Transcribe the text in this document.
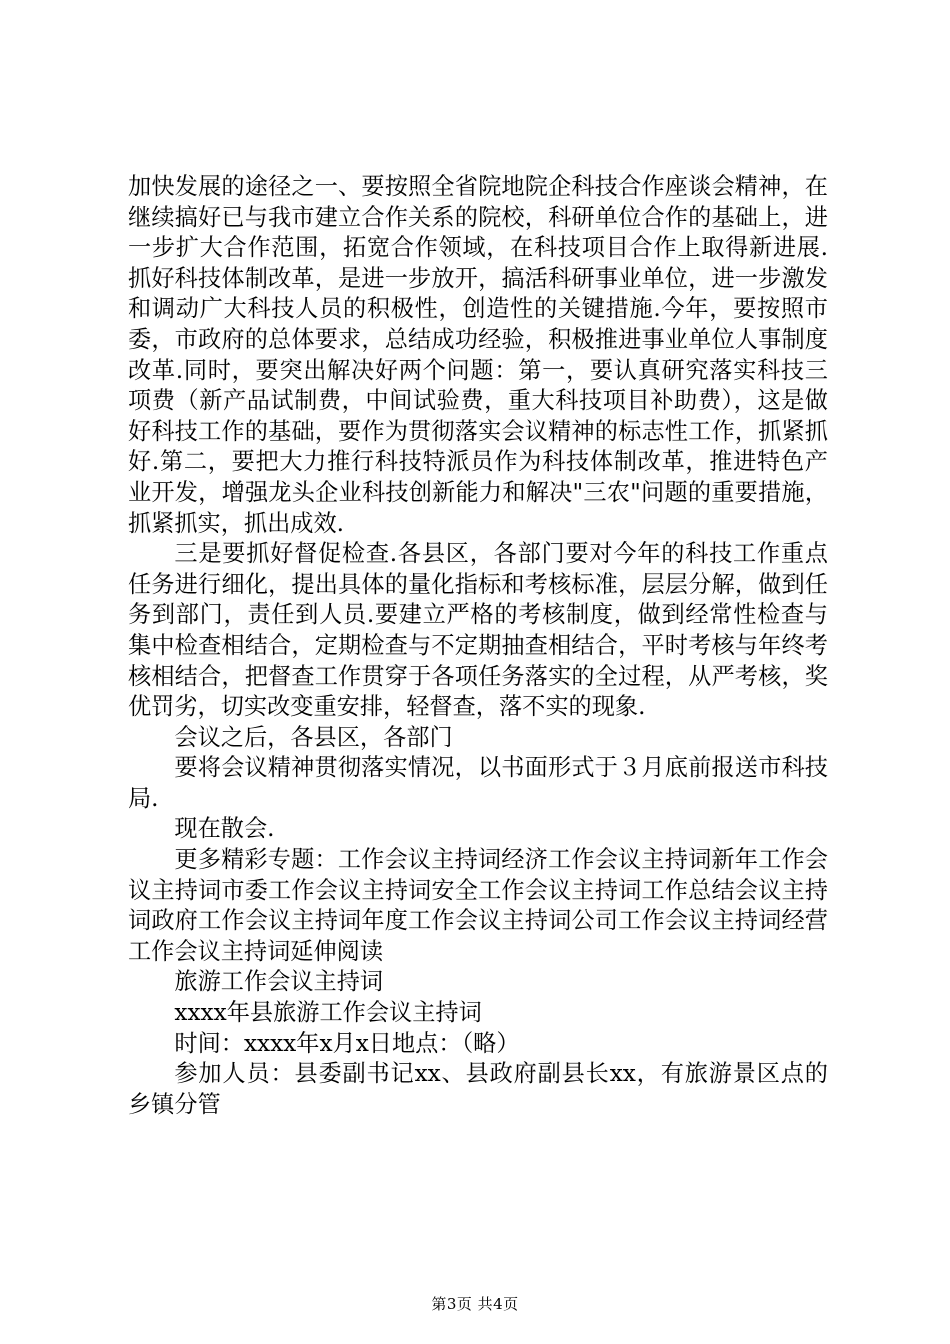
加快发展的途径之一、要按照全省院地院企科技合作座谈会精神，在继续搞好已与我市建立合作关系的院校，科研单位合作的基础上，进一步扩大合作范围，拓宽合作领域，在科技项目合作上取得新进展.抓好科技体制改革，是进一步放开，搞活科研事业单位，进一步激发和调动广大科技人员的积极性，创造性的关键措施.今年，要按照市委，市政府的总体要求，总结成功经验，积极推进事业单位人事制度改革.同时，要突出解决好两个问题：第一，要认真研究落实科技三项费（新产品试制费，中间试验费，重大科技项目补助费），这是做好科技工作的基础，要作为贯彻落实会议精神的标志性工作，抓紧抓好.第二，要把大力推行科技特派员作为科技体制改革，推进特色产业开发，增强龙头企业科技创新能力和解决"三农"问题的重要措施，抓紧抓实，抓出成效.

三是要抓好督促检查.各县区，各部门要对今年的科技工作重点任务进行细化，提出具体的量化指标和考核标准，层层分解，做到任务到部门，责任到人员.要建立严格的考核制度，做到经常性检查与集中检查相结合，定期检查与不定期抽查相结合，平时考核与年终考核相结合，把督查工作贯穿于各项任务落实的全过程，从严考核，奖优罚劣，切实改变重安排，轻督查，落不实的现象.

会议之后，各县区，各部门

要将会议精神贯彻落实情况，以书面形式于３月底前报送市科技局.

现在散会.

更多精彩专题：工作会议主持词经济工作会议主持词新年工作会议主持词市委工作会议主持词安全工作会议主持词工作总结会议主持词政府工作会议主持词年度工作会议主持词公司工作会议主持词经营工作会议主持词延伸阅读

旅游工作会议主持词

xxxx年县旅游工作会议主持词

时间：xxxx年x月x日地点：（略）

参加人员：县委副书记xx、县政府副县长xx，有旅游景区点的乡镇分管

第3页 共4页
